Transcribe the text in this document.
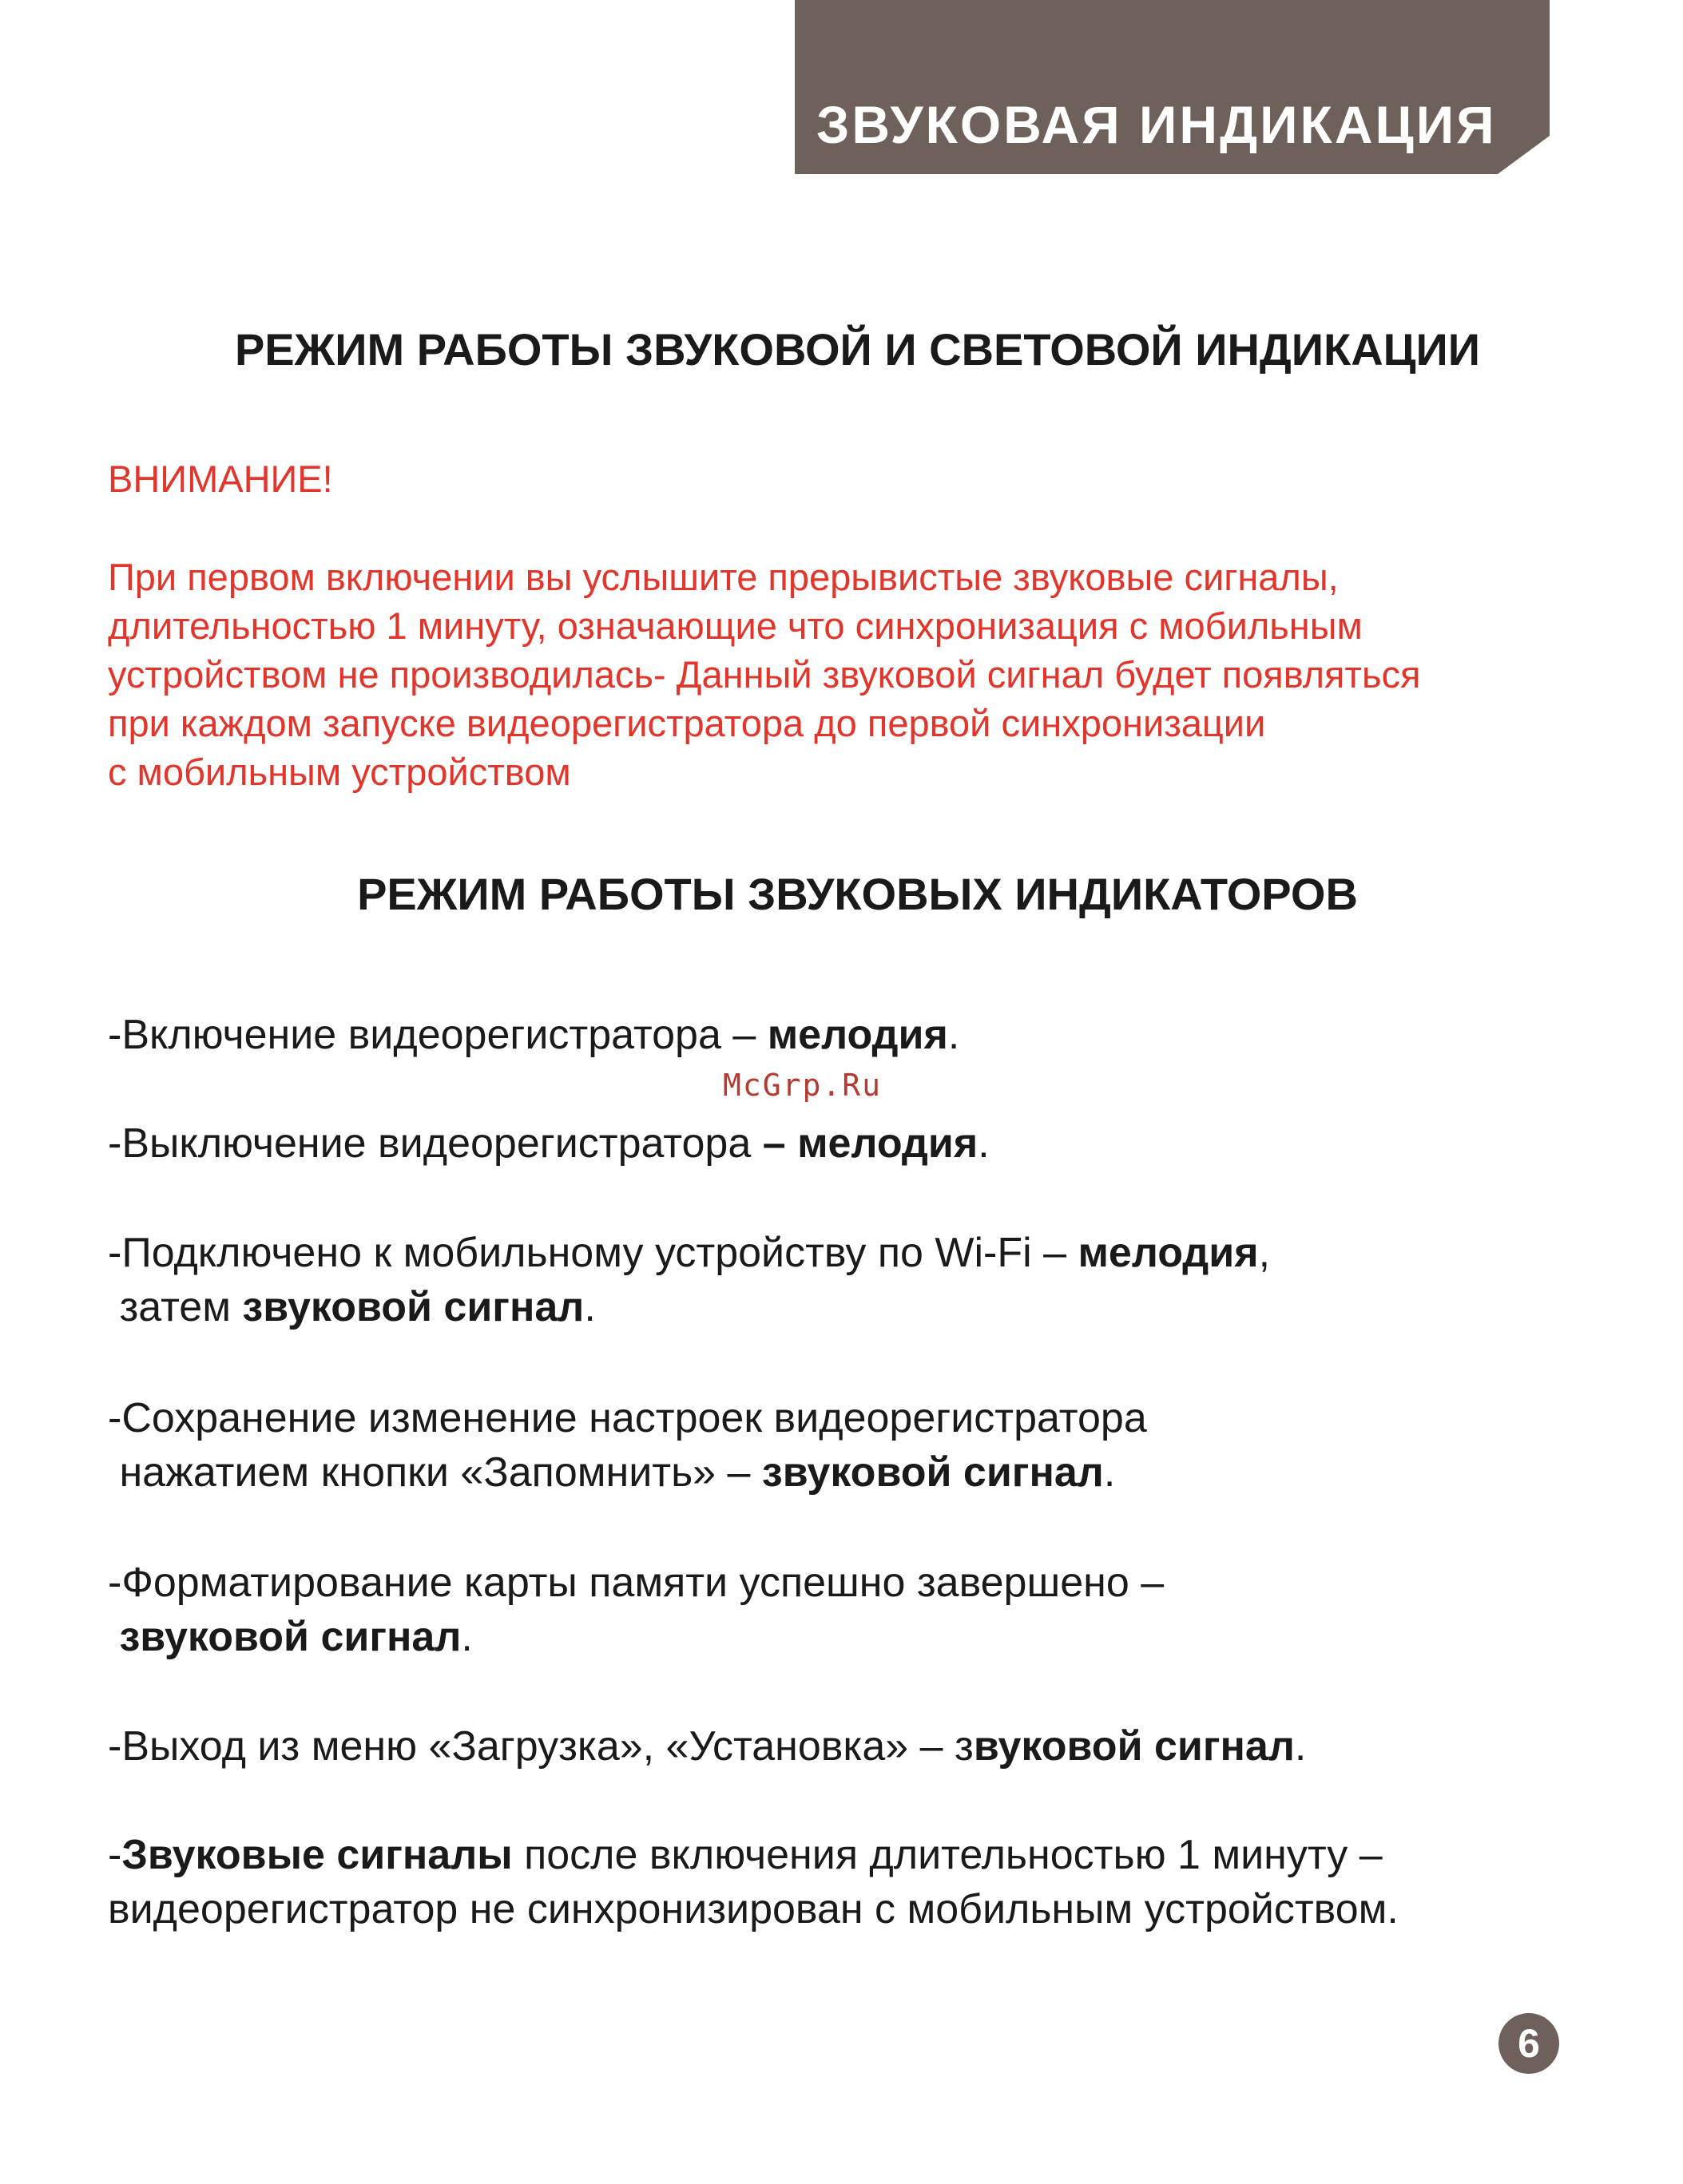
ЗВУКОВАЯ ИНДИКАЦИЯ
РЕЖИМ РАБОТЫ ЗВУКОВОЙ И СВЕТОВОЙ ИНДИКАЦИИ
ВНИМАНИЕ!
При первом включении вы услышите прерывистые звуковые сигналы,
длительностью 1 минуту, означающие что синхронизация с мобильным
устройством не производилась- Данный звуковой сигнал будет появляться
при каждом запуске видеорегистратора до первой синхронизации
с мобильным устройством
РЕЖИМ РАБОТЫ ЗВУКОВЫХ ИНДИКАТОРОВ
-Включение видеорегистратора – мелодия.
-Выключение видеорегистратора – мелодия.
-Подключено к мобильному устройству по Wi-Fi – мелодия,
затем звуковой сигнал.
-Сохранение изменение настроек видеорегистратора
нажатием кнопки «Запомнить» – звуковой сигнал.
-Форматирование карты памяти успешно завершено –
звуковой сигнал.
-Выход из меню «Загрузка», «Установка» – звуковой сигнал.
-Звуковые сигналы после включения длительностью 1 минуту –
видеорегистратор не синхронизирован с мобильным устройством.
McGrp.Ru
6
